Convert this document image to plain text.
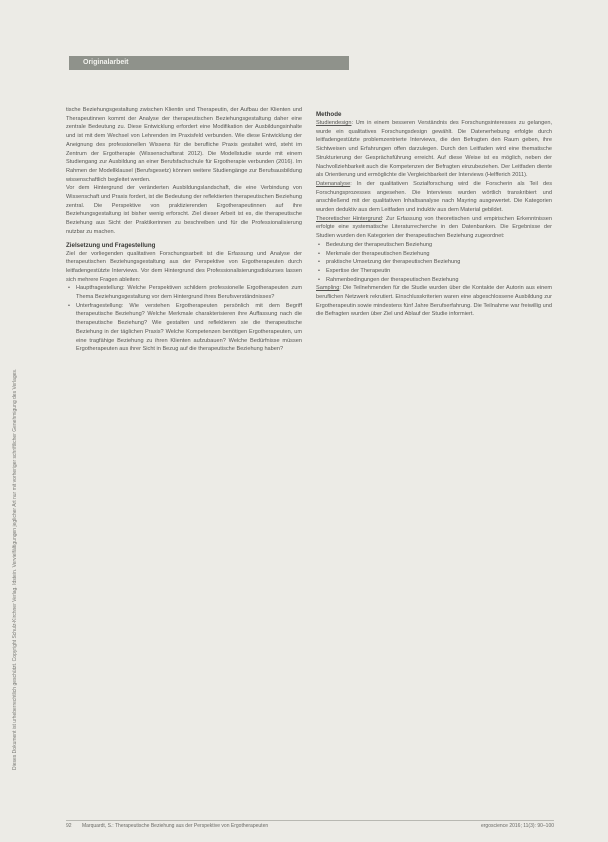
Originalarbeit
Dieses Dokument ist urheberrechtlich geschützt. Copyright Schulz-Kirchner Verlag. Idstein. Vervielfältigungen jeglicher Art nur mit vorheriger schriftlicher Genehmigung des Verlages.

tische Beziehungsgestaltung zwischen Klientin und Therapeutin, der Aufbau der Klienten und Therapeutinnen kommt der Analyse der therapeutischen Beziehungsgestaltung daher eine zentrale Bedeutung zu. Diese Entwicklung erfordert eine Modifikation der Ausbildungsinhalte und ist mit dem Wechsel von Lehrenden im Praxisfeld verbunden. Wie diese Entwicklung der Aneignung des professionellen Wissens für die berufliche Praxis gestaltet wird, steht im Zentrum der Ergotherapie (Wissenschaftsrat 2012). Die Modellstudie wurde mit einem Studiengang zur Ausbildung an einer Berufsfachschule für Ergotherapie verbunden (2016). Im Rahmen der Modellklausel (Berufsgesetz) können weitere Studiengänge zur Berufsausbildung wissenschaftlich begleitet werden.

Vor dem Hintergrund der veränderten Ausbildungslandschaft, die eine Verbindung von Wissenschaft und Praxis fordert, ist die Bedeutung der reflektierten therapeutischen Beziehung zentral. Die Perspektive von praktizierenden Ergotherapeutinnen auf ihre Beziehungsgestaltung ist bisher wenig erforscht. Ziel dieser Arbeit ist es, die therapeutische Beziehung aus Sicht der Praktikerinnen zu beschreiben und für die Professionalisierung nutzbar zu machen.

Zielsetzung und Fragestellung

Ziel der vorliegenden qualitativen Forschungsarbeit ist die Erfassung und Analyse der therapeutischen Beziehungsgestaltung aus der Perspektive von Ergotherapeuten durch leitfadengestützte Interviews. Vor dem Hintergrund des Professionalisierungsdiskurses lassen sich mehrere Fragen ableiten:

• Hauptfragestellung: Welche Perspektiven schildern professionelle Ergotherapeuten zum Thema Beziehungsgestaltung vor dem Hintergrund ihres Berufsverständnisses?
• Unterfragestellung: Wie verstehen Ergotherapeuten persönlich mit dem Begriff therapeutische Beziehung? Welche Merkmale charakterisieren ihre Auffassung nach die therapeutische Beziehung? Wie gestalten und reflektieren sie die therapeutische Beziehung in der täglichen Praxis? Welche Kompetenzen benötigen Ergotherapeuten, um eine tragfähige Beziehung zu ihren Klienten aufzubauen? Welche Bedürfnisse müssen Ergotherapeuten aus ihrer Sicht in Bezug auf die therapeutische Beziehung haben?
Methode

Studiendesign: Um in einem besseren Verständnis des Forschungsinteresses zu gelangen, wurde ein qualitatives Forschungsdesign gewählt. Die Datenerhebung erfolgte durch leitfadengestützte problemzentrierte Interviews, die den Befragten den Raum geben, ihre Sichtweisen und Erfahrungen offen darzulegen. Durch den Leitfaden wird eine thematische Strukturierung der Gesprächsführung erreicht. Auf diese Weise ist es möglich, neben der Nachvollziehbarkeit auch die Kompetenzen der Befragten einzubeziehen. Der Leitfaden diente als Orientierung und ermöglichte die Vergleichbarkeit der Interviews (Helfferich 2011).

Datenanalyse: In der qualitativen Sozialforschung wird die Forscherin als Teil des Forschungsprozesses angesehen. Die Interviews wurden wörtlich transkribiert und anschließend mit der qualitativen Inhaltsanalyse nach Mayring ausgewertet. Die Kategorien wurden deduktiv aus dem Leitfaden und induktiv aus dem Material gebildet.

Theoretischer Hintergrund: Zur Erfassung von theoretischen und empirischen Erkenntnissen erfolgte eine systematische Literaturrecherche in den Datenbanken. Die Ergebnisse der Studien wurden den Kategorien der therapeutischen Beziehung zugeordnet:

• Bedeutung der therapeutischen Beziehung
• Merkmale der therapeutischen Beziehung
• praktische Umsetzung der therapeutischen Beziehung
• Expertise der Therapeutin
• Rahmenbedingungen der therapeutischen Beziehung

Sampling: Die Teilnehmenden für die Studie wurden über die Kontakte der Autorin aus einem beruflichen Netzwerk rekrutiert. Einschlusskriterien waren eine abgeschlossene Ausbildung zur Ergotherapeutin sowie mindestens fünf Jahre Berufserfahrung. Die Teilnahme war freiwillig und die Befragten wurden über Ziel und Ablauf der Studie informiert.

92 Marquardt, S.: Therapeutische Beziehung aus der Perspektive von Ergotherapeuten	ergoscience 2016; 11(3): 90–100
